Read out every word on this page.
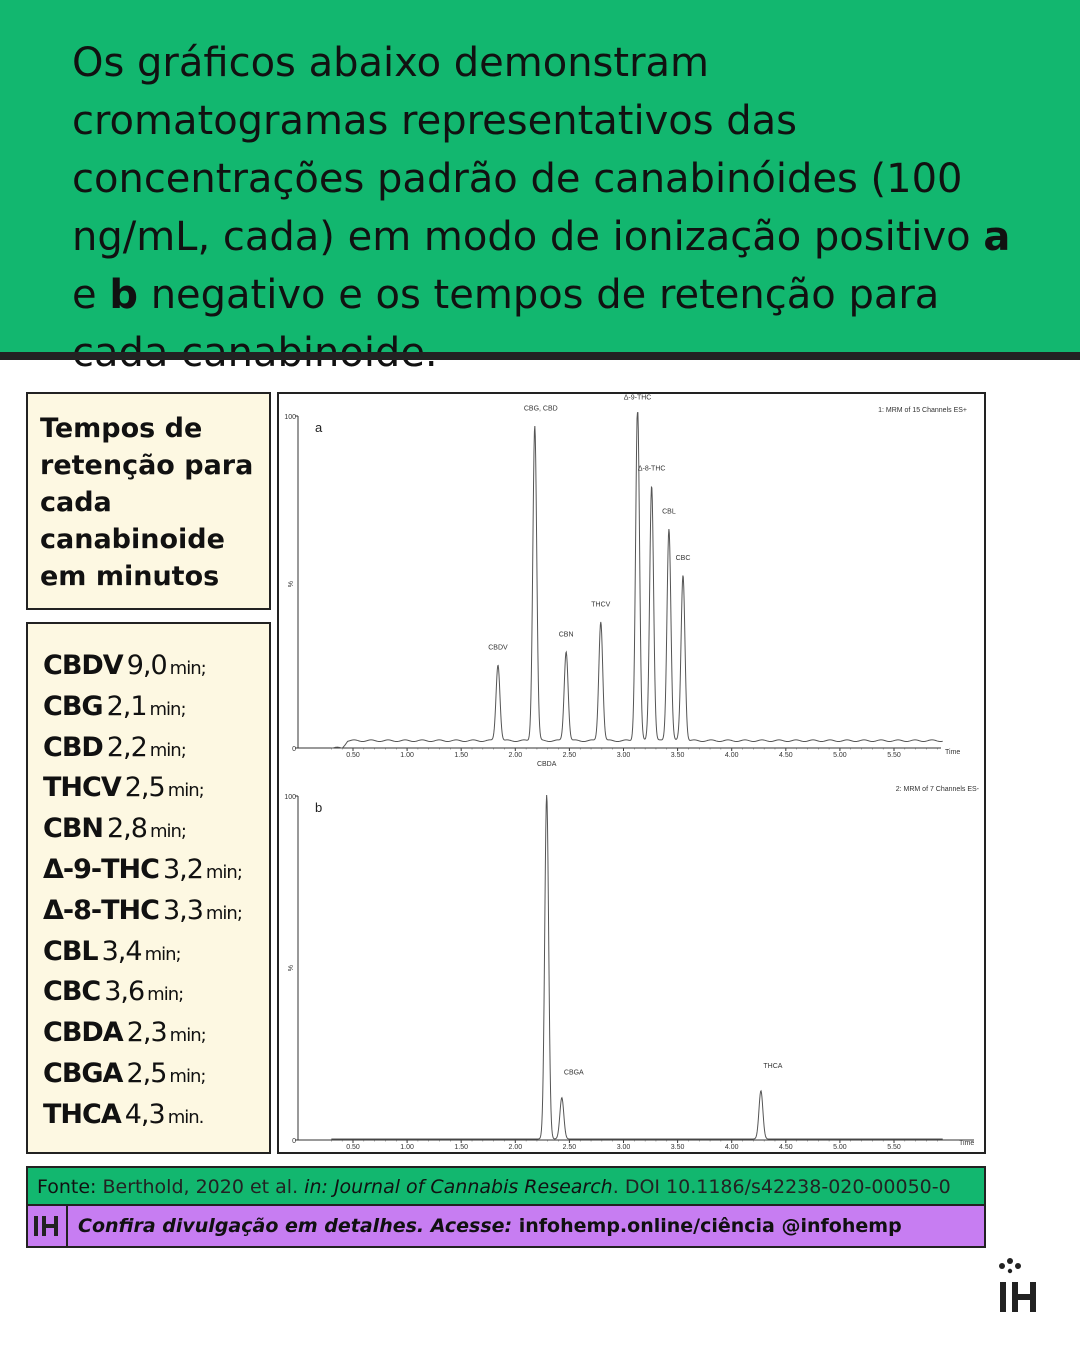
Os gráficos abaixo demonstram cromatogramas representativos das concentrações padrão de canabinóides (100 ng/mL, cada) em modo de ionização positivo a e b negativo e os tempos de retenção para
Tempos de retenção para cada canabinoide em minutos
CBDV 9,0 min;
CBG 2,1 min;
CBD 2,2 min;
THCV 2,5 min;
CBN 2,8 min;
Δ-9-THC 3,2 min;
Δ-8-THC 3,3 min;
CBL 3,4 min;
CBC 3,6 min;
CBDA 2,3 min;
CBGA 2,5 min;
THCA 4,3 min.
0
100
%
0.50	1.00	1.50	2.00	2.50	3.00	3.50	4.00	4.50	5.00	5.50	Time
a
1: MRM of 15 Channels ES+
CBDV
CBG, CBD
CBN
THCV
Δ-9-THC
Δ-8-THC
CBL
CBC
0
100
%
0.50	1.00	1.50	2.00	2.50	3.00	3.50	4.00	4.50	5.00	5.50
Time
b
2: MRM of 7 Channels ES-
CBDA
CBGA
THCA
Fonte: Berthold, 2020 et al. in: Journal of Cannabis Research. DOI 10.1186/s42238-020-00050-0
Confira divulgação em detalhes. Acesse: infohemp.online/ciência @infohemp
